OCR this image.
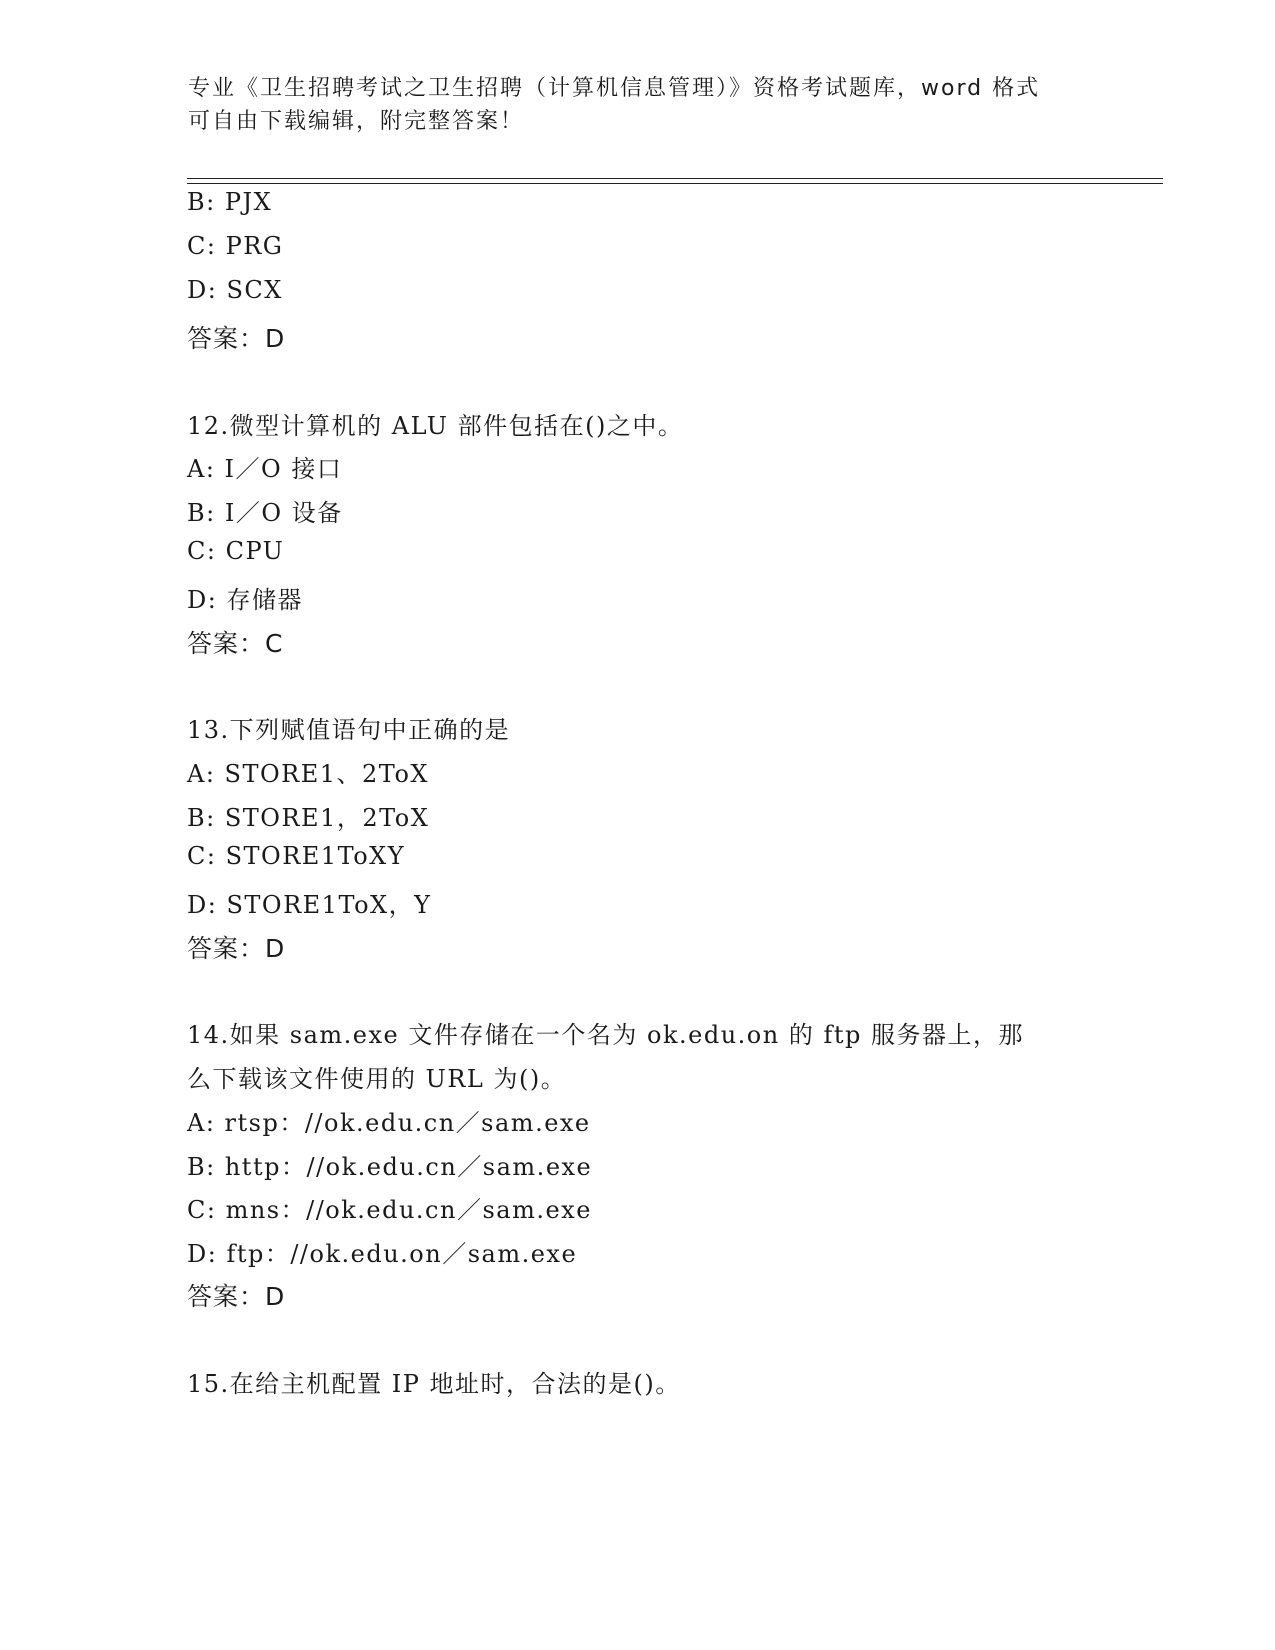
专业《卫生招聘考试之卫生招聘（计算机信息管理）》资格考试题库，word 格式
可自由下载编辑，附完整答案！
B: PJX
C: PRG
D: SCX
答案：D
12.微型计算机的 ALU 部件包括在()之中。
A: I／O 接口
B: I／O 设备
C: CPU
D: 存储器
答案：C
13.下列赋值语句中正确的是
A: STORE1、2ToX
B: STORE1，2ToX
C: STORE1ToXY
D: STORE1ToX，Y
答案：D
14.如果 sam.exe 文件存储在一个名为 ok.edu.on 的 ftp 服务器上，那
么下载该文件使用的 URL 为()。
A: rtsp：//ok.edu.cn／sam.exe
B: http：//ok.edu.cn／sam.exe
C: mns：//ok.edu.cn／sam.exe
D: ftp：//ok.edu.on／sam.exe
答案：D
15.在给主机配置 IP 地址时，合法的是()。
